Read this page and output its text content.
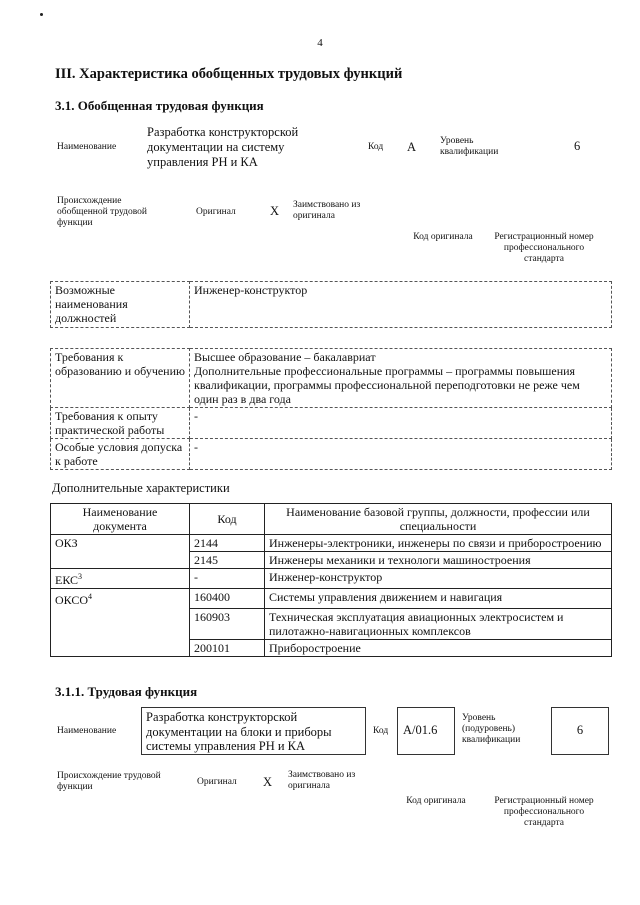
4
III. Характеристика обобщенных трудовых функций
3.1. Обобщенная трудовая функция
Наименование
Разработка конструкторской документации на систему управления РН и КА
Код А	Уровень квалификации	6
Происхождение обобщенной трудовой функции
Оригинал	Х Заимствовано из оригинала
Код оригинала	Регистрационный номер профессионального стандарта
Возможные наименования должностей	Инженер-конструктор
Требования к образованию и обучению	Высшее образование – бакалавриат
Дополнительные профессиональные программы – программы повышения квалификации, программы профессиональной переподготовки не реже чем один раз в два года
Требования к опыту практической работы	-
Особые условия допуска к работе	-
Дополнительные характеристики
Наименование документа	Код	Наименование базовой группы, должности, профессии или специальности
ОКЗ	2144	Инженеры-электроники, инженеры по связи и приборостроению
	2145	Инженеры механики и технологи машиностроения
ЕКС$^3$	-	Инженер-конструктор
ОКСО$^4$	160400	Системы управления движением и навигация
	160903	Техническая эксплуатация авиационных электросистем и пилотажно-навигационных комплексов
	200101	Приборостроение
3.1.1. Трудовая функция
Наименование
Разработка конструкторской документации на блоки и приборы системы управления РН и КА
Код	А/01.6
Уровень (подуровень) квалификации
6
Происхождение трудовой функции	Оригинал Х Заимствовано из оригинала
Код оригинала	Регистрационный номер профессионального стандарта
